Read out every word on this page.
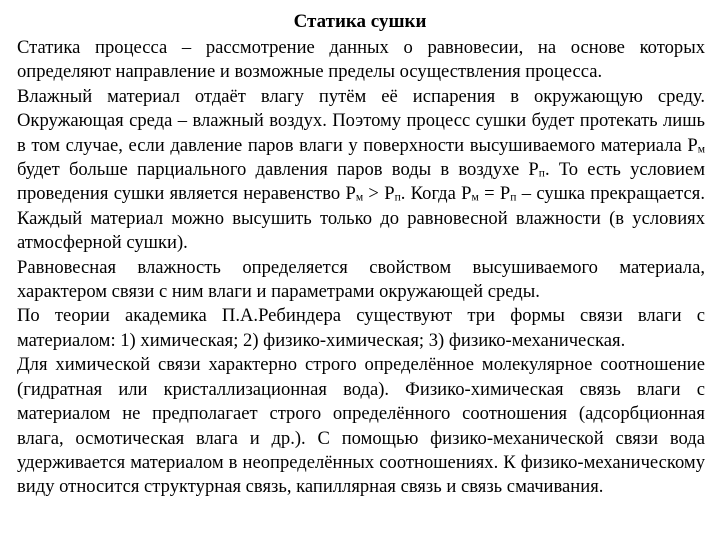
Статика сушки

Статика процесса – рассмотрение данных о равновесии, на основе которых определяют направление и возможные пределы осуществления процесса.

Влажный материал отдаёт влагу путём её испарения в окружающую среду. Окружающая среда – влажный воздух. Поэтому процесс сушки будет протекать лишь в том случае, если давление паров влаги у поверхности высушиваемого материала $P_м$ будет больше парциального давления паров воды в воздухе $P_п$. То есть условием проведения сушки является неравенство $P_м > P_п$. Когда $P_м = P_п$ – сушка прекращается. Каждый материал можно высушить только до равновесной влажности (в условиях атмосферной сушки).

Равновесная влажность определяется свойством высушиваемого материала, характером связи с ним влаги и параметрами окружающей среды.

По теории академика П.А.Ребиндера существуют три формы связи влаги с материалом: 1) химическая; 2) физико-химическая; 3) физико-механическая.

Для химической связи характерно строго определённое молекулярное соотношение (гидратная или кристаллизационная вода). Физико-химическая связь влаги с материалом не предполагает строго определённого соотношения (адсорбционная влага, осмотическая влага и др.). С помощью физико-механической связи вода удерживается материалом в неопределённых соотношениях. К физико-механическому виду относится структурная связь, капиллярная связь и связь смачивания.
